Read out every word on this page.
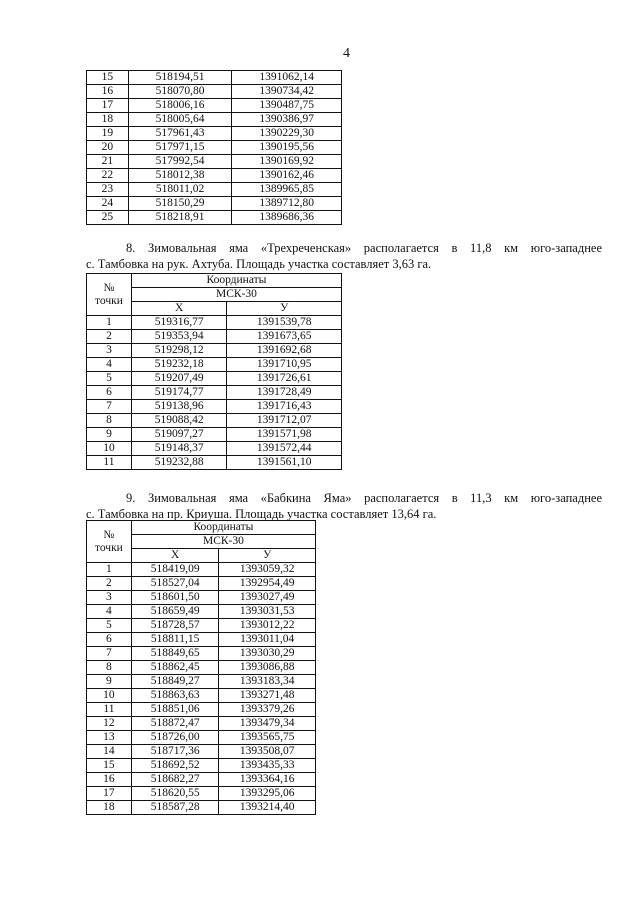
4
15	518194,51	1391062,14
16	518070,80	1390734,42
17	518006,16	1390487,75
18	518005,64	1390386,97
19	517961,43	1390229,30
20	517971,15	1390195,56
21	517992,54	1390169,92
22	518012,38	1390162,46
23	518011,02	1389965,85
24	518150,29	1389712,80
25	518218,91	1389686,36

8. Зимовальная яма «Трехреченская» располагается в 11,8 км юго-западнее
с. Тамбовка на рук. Ахтуба. Площадь участка составляет 3,63 га.

№
точки	Координаты	
	МСК-30	
	Х	У
1	519316,77	1391539,78
2	519353,94	1391673,65
3	519298,12	1391692,68
4	519232,18	1391710,95
5	519207,49	1391726,61
6	519174,77	1391728,49
7	519138,96	1391716,43
8	519088,42	1391712,07
9	519097,27	1391571,98
10	519148,37	1391572,44
11	519232,88	1391561,10

9. Зимовальная яма «Бабкина Яма» располагается в 11,3 км юго-западнее
с. Тамбовка на пр. Криуша. Площадь участка составляет 13,64 га.

№
точки	Координаты	
	МСК-30	
	Х	У
1	518419,09	1393059,32
2	518527,04	1392954,49
3	518601,50	1393027,49
4	518659,49	1393031,53
5	518728,57	1393012,22
6	518811,15	1393011,04
7	518849,65	1393030,29
8	518862,45	1393086,88
9	518849,27	1393183,34
10	518863,63	1393271,48
11	518851,06	1393379,26
12	518872,47	1393479,34
13	518726,00	1393565,75
14	518717,36	1393508,07
15	518692,52	1393435,33
16	518682,27	1393364,16
17	518620,55	1393295,06
18	518587,28	1393214,40
